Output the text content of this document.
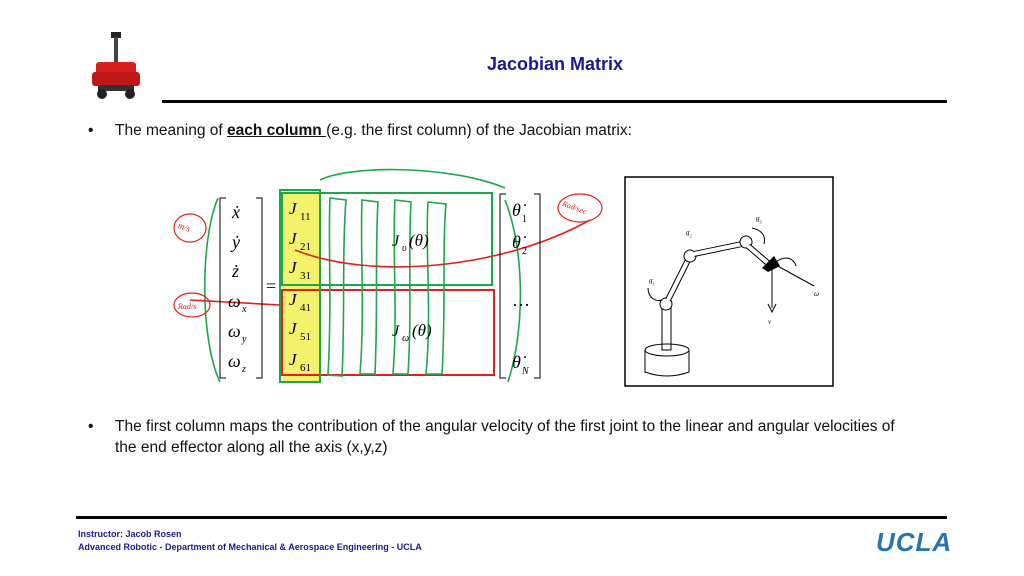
Jacobian Matrix
• The meaning of each column (e.g. the first column) of the Jacobian matrix:
ẋ
ẏ
ż
ω x
ω y
ω z
=
J 11
J 21
J 31
J 41
J 51
J 61
J υ (θ)
J ω (θ)
θ̇ 1
θ̇ 2
…
θ̇ N
m/s
Rad/s
Rad/sec
θ̇₁
θ̇₂
θ̇₃
ω
v
• The first column maps the contribution of the angular velocity of the first joint to the linear and angular velocities of the end effector along all the axis (x,y,z)
Instructor: Jacob Rosen
Advanced Robotic - Department of Mechanical & Aerospace Engineering - UCLA	UCLA
